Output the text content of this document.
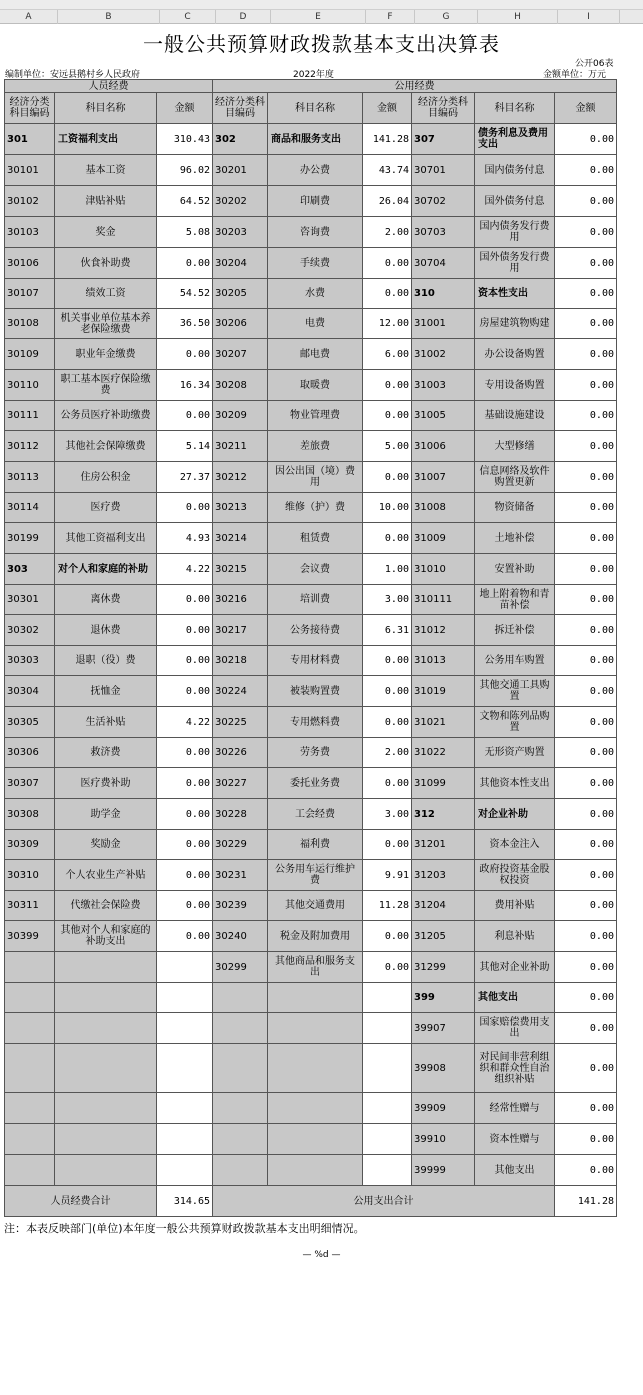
A	B	C	D	E	F	G	H	I
一般公共预算财政拨款基本支出决算表
公开06表
编制单位：安远县鹅村乡人民政府	2022年度	金额单位：万元
人员经费			公用经费					
经济分类科目编码	科目名称	金额	经济分类科目编码	科目名称	金额	经济分类科目编码	科目名称	金额
301	工资福利支出	310.43	302	商品和服务支出	141.28	307	债务利息及费用支出	0.00
30101	基本工资	96.02	30201	办公费	43.74	30701	国内债务付息	0.00
30102	津贴补贴	64.52	30202	印刷费	26.04	30702	国外债务付息	0.00
30103	奖金	5.08	30203	咨询费	2.00	30703	国内债务发行费用	0.00
30106	伙食补助费	0.00	30204	手续费	0.00	30704	国外债务发行费用	0.00
30107	绩效工资	54.52	30205	水费	0.00	310	资本性支出	0.00
30108	机关事业单位基本养老保险缴费	36.50	30206	电费	12.00	31001	房屋建筑物购建	0.00
30109	职业年金缴费	0.00	30207	邮电费	6.00	31002	办公设备购置	0.00
30110	职工基本医疗保险缴费	16.34	30208	取暖费	0.00	31003	专用设备购置	0.00
30111	公务员医疗补助缴费	0.00	30209	物业管理费	0.00	31005	基础设施建设	0.00
30112	其他社会保障缴费	5.14	30211	差旅费	5.00	31006	大型修缮	0.00
30113	住房公积金	27.37	30212	因公出国（境）费用	0.00	31007	信息网络及软件购置更新	0.00
30114	医疗费	0.00	30213	维修（护）费	10.00	31008	物资储备	0.00
30199	其他工资福利支出	4.93	30214	租赁费	0.00	31009	土地补偿	0.00
303	对个人和家庭的补助	4.22	30215	会议费	1.00	31010	安置补助	0.00
30301	离休费	0.00	30216	培训费	3.00	310111	地上附着物和青苗补偿	0.00
30302	退休费	0.00	30217	公务接待费	6.31	31012	拆迁补偿	0.00
30303	退职（役）费	0.00	30218	专用材料费	0.00	31013	公务用车购置	0.00
30304	抚恤金	0.00	30224	被装购置费	0.00	31019	其他交通工具购置	0.00
30305	生活补贴	4.22	30225	专用燃料费	0.00	31021	文物和陈列品购置	0.00
30306	救济费	0.00	30226	劳务费	2.00	31022	无形资产购置	0.00
30307	医疗费补助	0.00	30227	委托业务费	0.00	31099	其他资本性支出	0.00
30308	助学金	0.00	30228	工会经费	3.00	312	对企业补助	0.00
30309	奖励金	0.00	30229	福利费	0.00	31201	资本金注入	0.00
30310	个人农业生产补贴	0.00	30231	公务用车运行维护费	9.91	31203	政府投资基金股权投资	0.00
30311	代缴社会保险费	0.00	30239	其他交通费用	11.28	31204	费用补贴	0.00
30399	其他对个人和家庭的补助支出	0.00	30240	税金及附加费用	0.00	31205	利息补贴	0.00
			30299	其他商品和服务支出	0.00	31299	其他对企业补助	0.00
						399	其他支出	0.00
						39907	国家赔偿费用支出	0.00
						39908	对民间非营利组织和群众性自治组织补贴	0.00
						39909	经常性赠与	0.00
						39910	资本性赠与	0.00
						39999	其他支出	0.00
人员经费合计		314.65	公用支出合计					141.28
注：本表反映部门(单位)本年度一般公共预算财政拨款基本支出明细情况。
— %d —
